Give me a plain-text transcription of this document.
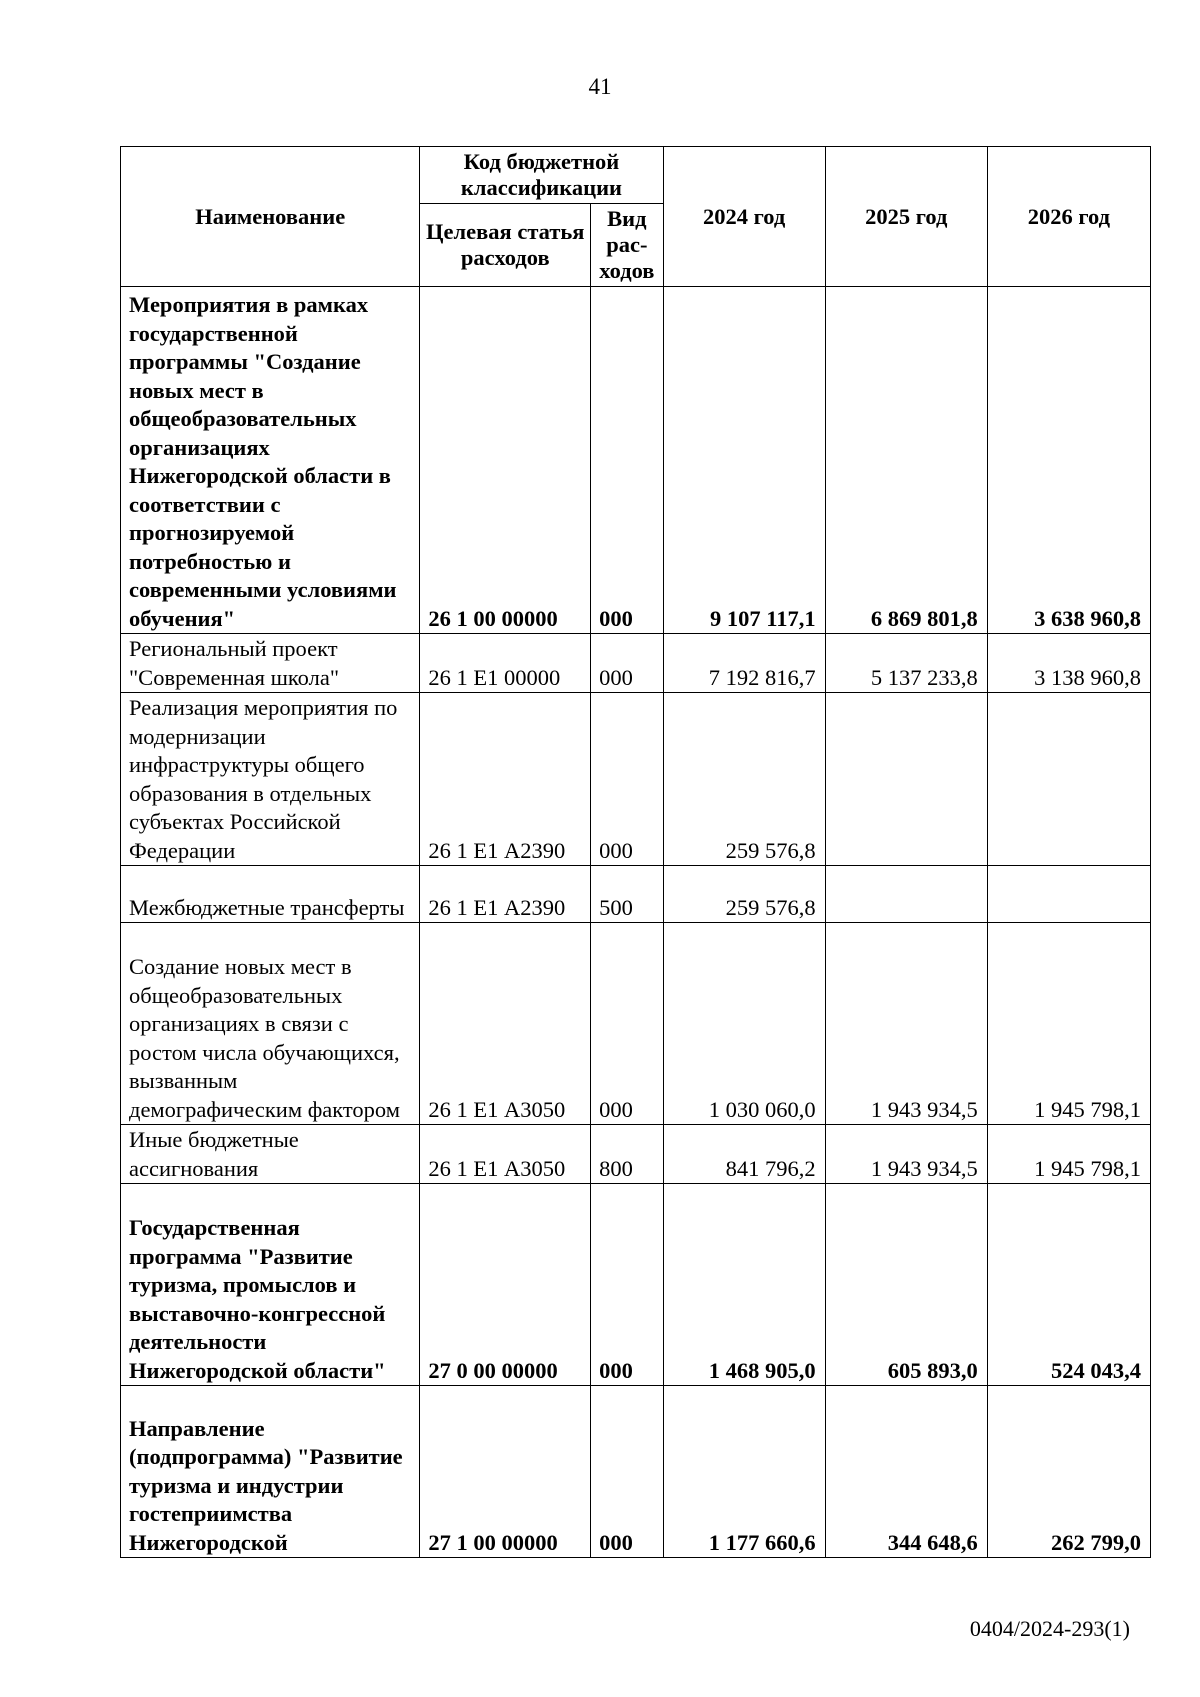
41
Наименование	Код бюджетной классификации		2024 год	2025 год	2026 год
	Целевая статья расходов	Вид рас- ходов			
Мероприятия в рамках государственной программы "Создание новых мест в общеобразовательных организациях Нижегородской области в соответствии с прогнозируемой потребностью и современными условиями обучения"	26 1 00 00000	000	9 107 117,1	6 869 801,8	3 638 960,8
Региональный проект "Современная школа"	26 1 Е1 00000	000	7 192 816,7	5 137 233,8	3 138 960,8
Реализация мероприятия по модернизации инфраструктуры общего образования в отдельных субъектах Российской Федерации	26 1 Е1 А2390	000	259 576,8		
Межбюджетные трансферты	26 1 Е1 А2390	500	259 576,8		
Создание новых мест в общеобразовательных организациях в связи с ростом числа обучающихся, вызванным демографическим фактором	26 1 Е1 А3050	000	1 030 060,0	1 943 934,5	1 945 798,1
Иные бюджетные ассигнования	26 1 Е1 А3050	800	841 796,2	1 943 934,5	1 945 798,1
Государственная программа "Развитие туризма, промыслов и выставочно-конгрессной деятельности Нижегородской области"	27 0 00 00000	000	1 468 905,0	605 893,0	524 043,4
Направление (подпрограмма) "Развитие туризма и индустрии гостеприимства Нижегородской	27 1 00 00000	000	1 177 660,6	344 648,6	262 799,0
0404/2024-293(1)
